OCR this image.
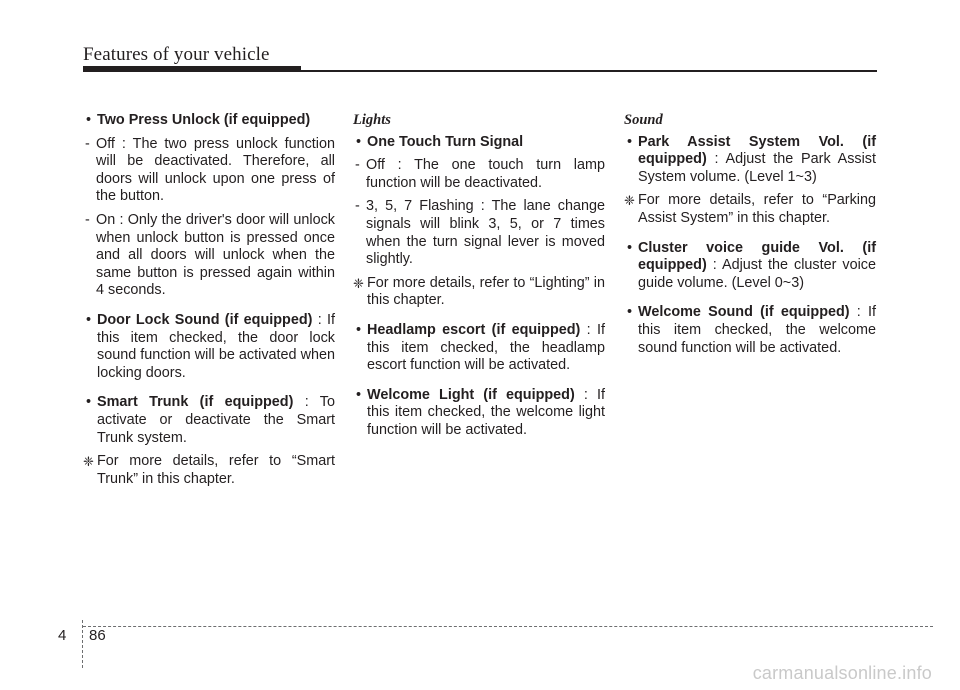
Features of your vehicle
• Two Press Unlock (if equipped)
- Off : The two press unlock function will be deactivated. Therefore, all doors will unlock upon one press of the button.
- On : Only the driver's door will unlock when unlock button is pressed once and all doors will unlock when the same button is pressed again within 4 seconds.
• Door Lock Sound (if equipped) : If this item checked, the door lock sound function will be activated when locking doors.
• Smart Trunk (if equipped) : To activate or deactivate the Smart Trunk system.
❈ For more details, refer to “Smart Trunk” in this chapter.
Lights
• One Touch Turn Signal
- Off : The one touch turn lamp function will be deactivated.
- 3, 5, 7 Flashing : The lane change signals will blink 3, 5, or 7 times when the turn signal lever is moved slightly.
❈ For more details, refer to “Lighting” in this chapter.
• Headlamp escort (if equipped) : If this item checked, the headlamp escort function will be activated.
• Welcome Light (if equipped) : If this item checked, the welcome light function will be activated.
Sound
• Park Assist System Vol. (if equipped) : Adjust the Park Assist System volume. (Level 1~3)
❈ For more details, refer to “Parking Assist System” in this chapter.
• Cluster voice guide Vol. (if equipped) : Adjust the cluster voice guide volume. (Level 0~3)
• Welcome Sound (if equipped) : If this item checked, the welcome sound function will be activated.
4 86
carmanualsonline.info
